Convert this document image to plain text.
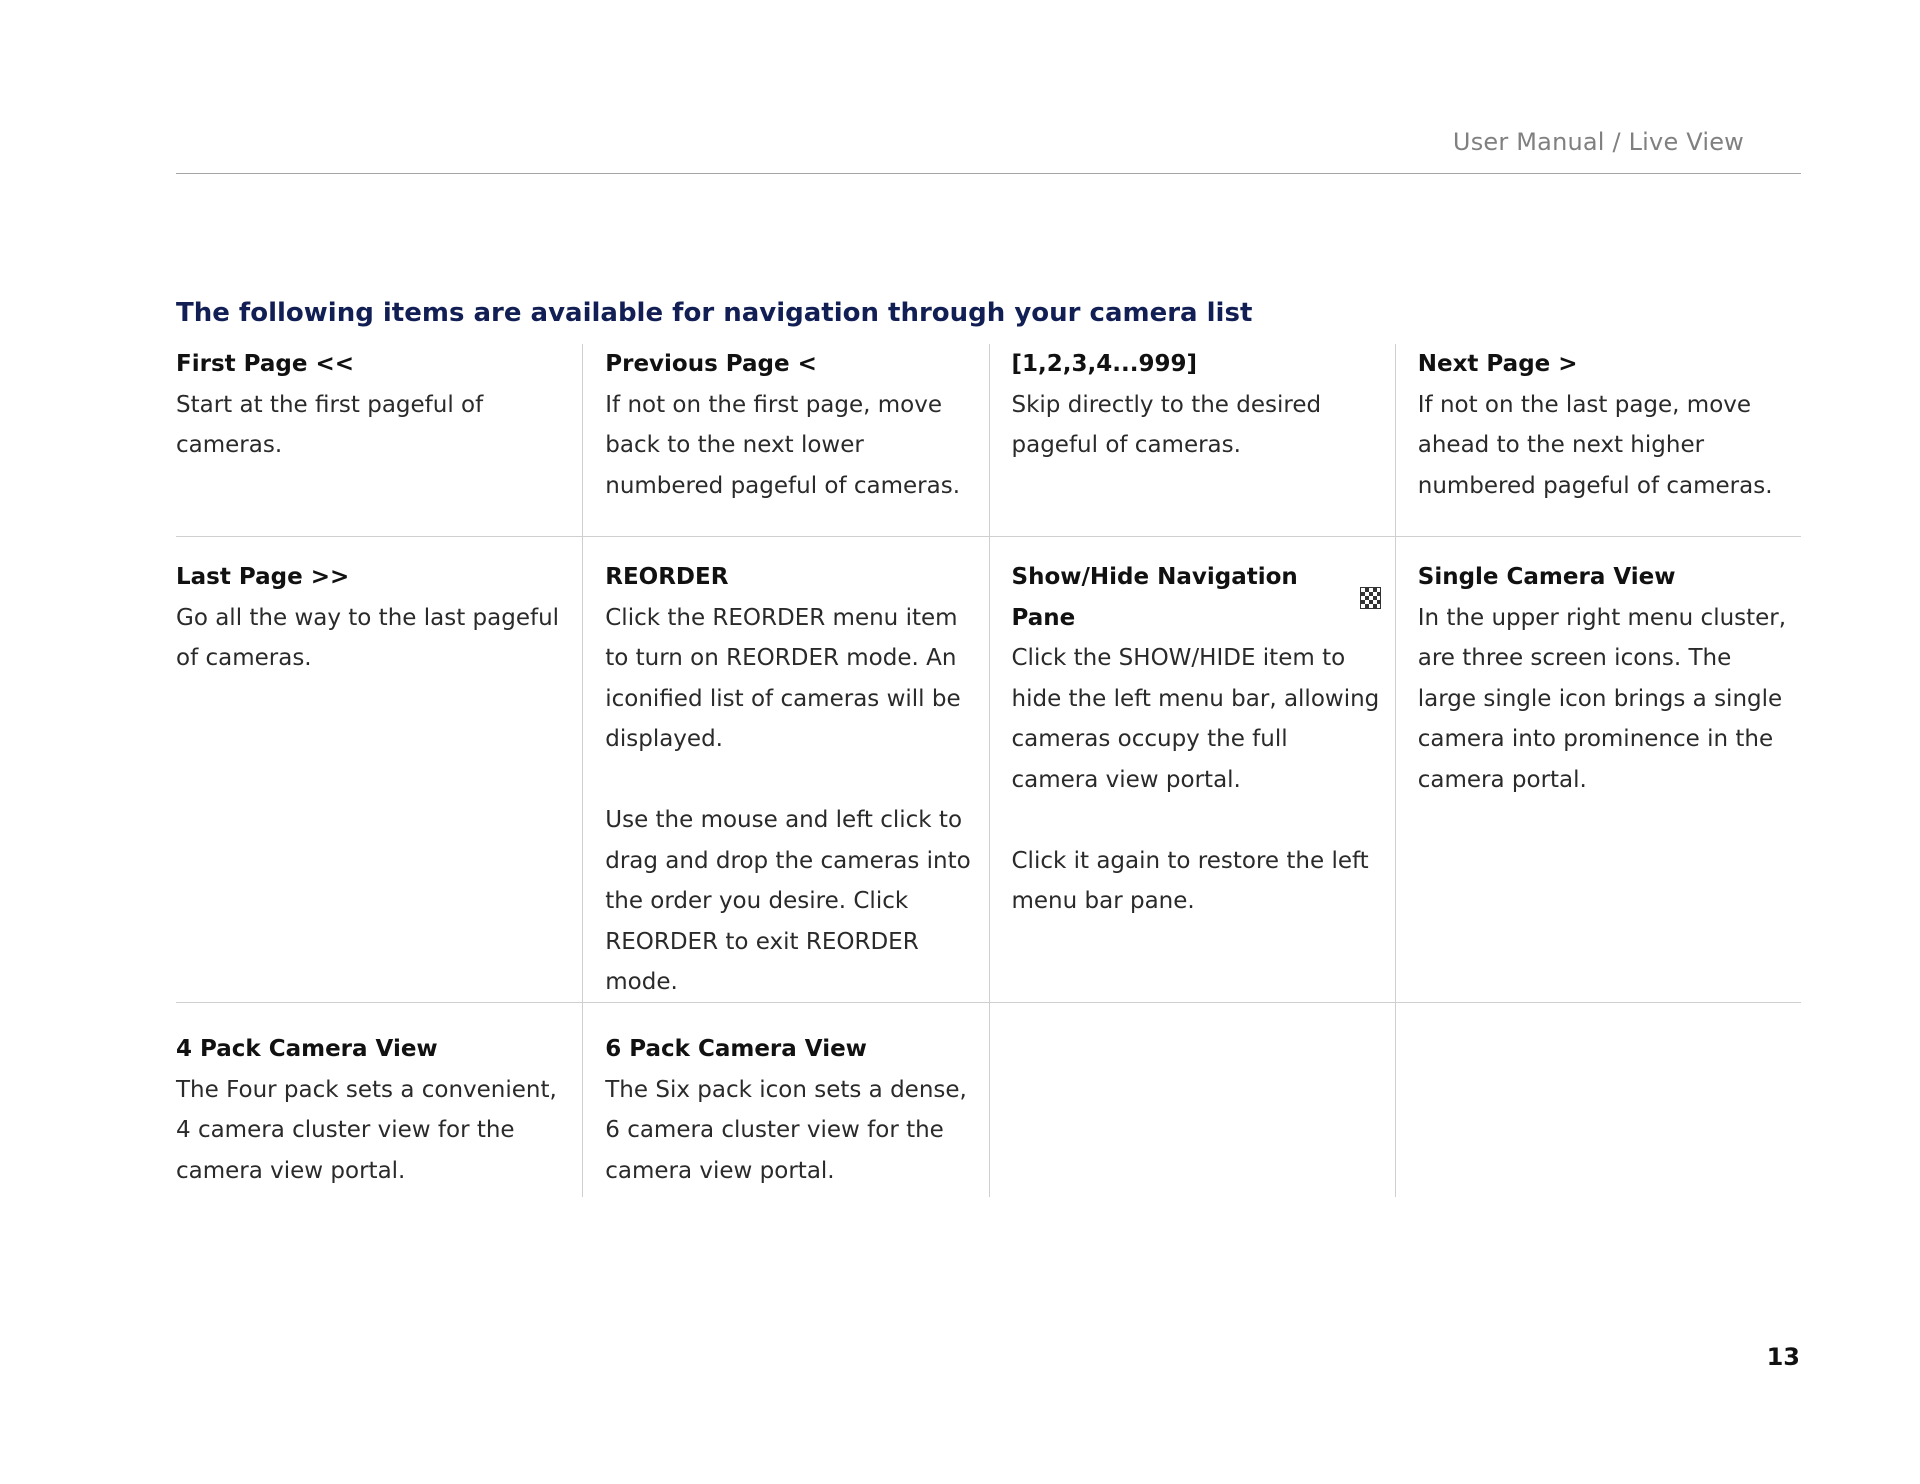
User Manual / Live View
The following items are available for navigation through your camera list
First Page <<
Start at the first pageful of cameras.
Previous Page <
If not on the first page, move back to the next lower numbered pageful of cameras.
[1,2,3,4...999]
Skip directly to the desired pageful of cameras.
Next Page >
If not on the last page, move ahead to the next higher numbered pageful of cameras.
Last Page >>
Go all the way to the last pageful of cameras.
REORDER
Click the REORDER menu item to turn on REORDER mode. An iconified list of cameras will be displayed.
Use the mouse and left click to drag and drop the cameras into the order you desire. Click REORDER to exit REORDER mode.
Show/Hide Navigation Pane
Click the SHOW/HIDE item to hide the left menu bar, allowing cameras occupy the full camera view portal.
Click it again to restore the left menu bar pane.
Single Camera View
In the upper right menu cluster, are three screen icons. The large single icon brings a single camera into prominence in the camera portal.
4 Pack Camera View
The Four pack sets a convenient, 4 camera cluster view for the camera view portal.
6 Pack Camera View
The Six pack icon sets a dense, 6 camera cluster view for the camera view portal.
13
